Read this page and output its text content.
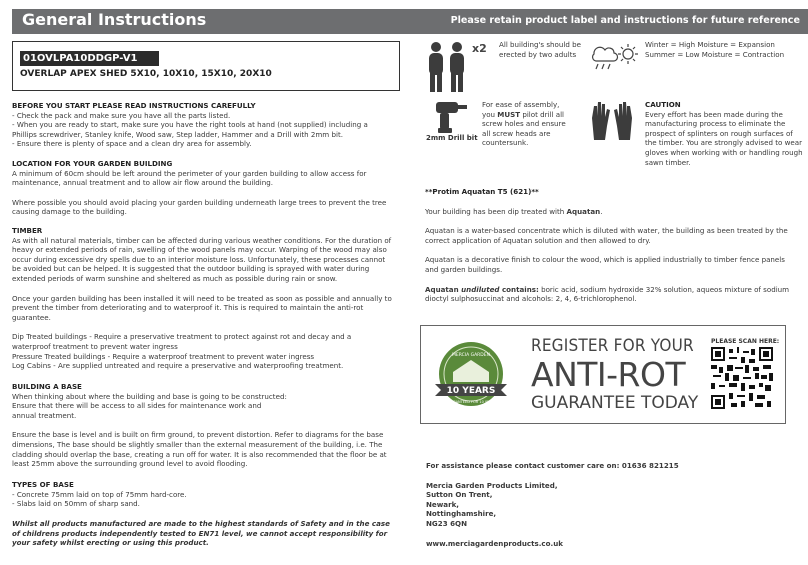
General Instructions	Please retain product label and instructions for future reference
01OVLPA10DDGP-V1
OVERLAP APEX SHED 5X10, 10X10, 15X10, 20X10

BEFORE YOU START PLEASE READ INSTRUCTIONS CAREFULLY

- Check the pack and make sure you have all the parts listed.

- When you are ready to start, make sure you have the right tools at hand (not supplied) including a Phillips screwdriver, Stanley knife, Wood saw, Step ladder, Hammer and a Drill with 2mm bit.

- Ensure there is plenty of space and a clean dry area for assembly.

LOCATION FOR YOUR GARDEN BUILDING

A minimum of 60cm should be left around the perimeter of your garden building to allow access for maintenance, annual treatment and to allow air flow around the building.

Where possible you should avoid placing your garden building underneath large trees to prevent the tree causing damage to the building.

TIMBER

As with all natural materials, timber can be affected during various weather conditions. For the duration of heavy or extended periods of rain, swelling of the wood panels may occur. Warping of the wood may also occur during excessive dry spells due to an interior moisture loss. Unfortunately, these processes cannot be avoided but can be helped. It is suggested that the outdoor building is sprayed with water during extended periods of warm sunshine and sheltered as much as possible during rain or snow.

Once your garden building has been installed it will need to be treated as soon as possible and annually to prevent the timber from deteriorating and to waterproof it. This is required to maintain the anti-rot guarantee.

Dip Treated buildings - Require a preservative treatment to protect against rot and decay and a waterproof treatment to prevent water ingress

Pressure Treated buildings - Require a waterproof treatment to prevent water ingress

Log Cabins - Are supplied untreated and require a preservative and waterproofing treatment.

BUILDING A BASE

When thinking about where the building and base is going to be constructed: Ensure that there will be access to all sides for maintenance work and annual treatment.

Ensure the base is level and is built on firm ground, to prevent distortion. Refer to diagrams for the base dimensions, The base should be slightly smaller than the external measurement of the building, i.e. The cladding should overlap the base, creating a run off for water. It is also recommended that the floor be at least 25mm above the surrounding ground level to avoid flooding.

TYPES OF BASE

- Concrete 75mm laid on top of 75mm hard-core.

- Slabs laid on 50mm of sharp sand.

Whilst all products manufactured are made to the highest standards of Safety and in the case of childrens products independently tested to EN71 level, we cannot accept responsibility for your safety whilst erecting or using this product.
x2 All building's should be erected by two adults

Winter = High Moisture = Expansion

Summer = Low Moisture = Contraction

2mm Drill bit
For ease of assembly, you MUST pilot drill all screw holes and ensure all screw heads are countersunk.

CAUTION

Every effort has been made during the manufacturing process to eliminate the prospect of splinters on rough surfaces of the timber. You are strongly advised to wear gloves when working with or handling rough sawn timber.

**Protim Aquatan T5 (621)**

Your building has been dip treated with Aquatan.

Aquatan is a water-based concentrate which is diluted with water, the building as been treated by the correct application of Aquatan solution and then allowed to dry.

Aquatan is a decorative finish to colour the wood, which is applied industrially to timber fence panels and garden buildings.

Aquatan undiluted contains: boric acid, sodium hydroxide 32% solution, aqueos mixture of sodium dioctyl sulphosuccinat and alcohols: 2, 4, 6-trichlorophenol.

MERCIA GARDEN
10 YEARS
GUARANTEED FOR 10 YEARS
REGISTER FOR YOUR
ANTI-ROT
GUARANTEE TODAY
PLEASE SCAN HERE:

For assistance please contact customer care on: 01636 821215

Mercia Garden Products Limited,

Sutton On Trent,

Newark,

Nottinghamshire,

NG23 6QN

www.merciagardenproducts.co.uk
